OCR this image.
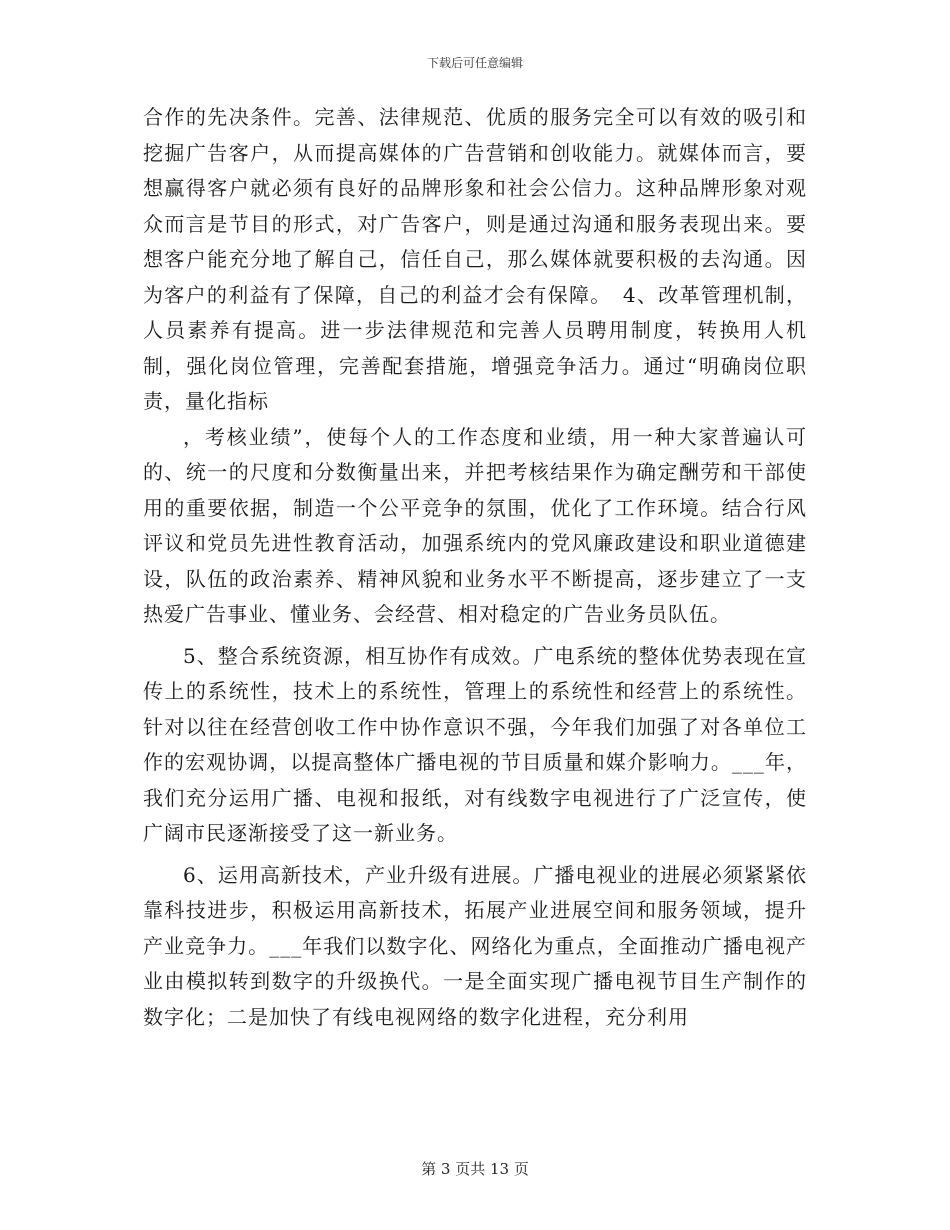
下载后可任意编辑

合作的先决条件。完善、法律规范、优质的服务完全可以有效的吸引和挖掘广告客户，从而提高媒体的广告营销和创收能力。就媒体而言，要想赢得客户就必须有良好的品牌形象和社会公信力。这种品牌形象对观众而言是节目的形式，对广告客户，则是通过沟通和服务表现出来。要想客户能充分地了解自己，信任自己，那么媒体就要积极的去沟通。因为客户的利益有了保障，自己的利益才会有保障。　4、改革管理机制，人员素养有提高。进一步法律规范和完善人员聘用制度，转换用人机制，强化岗位管理，完善配套措施，增强竞争活力。通过“明确岗位职责，量化指标

，考核业绩”，使每个人的工作态度和业绩，用一种大家普遍认可的、统一的尺度和分数衡量出来，并把考核结果作为确定酬劳和干部使用的重要依据，制造一个公平竞争的氛围，优化了工作环境。结合行风评议和党员先进性教育活动，加强系统内的党风廉政建设和职业道德建设，队伍的政治素养、精神风貌和业务水平不断提高，逐步建立了一支热爱广告事业、懂业务、会经营、相对稳定的广告业务员队伍。

5、整合系统资源，相互协作有成效。广电系统的整体优势表现在宣传上的系统性，技术上的系统性，管理上的系统性和经营上的系统性。针对以往在经营创收工作中协作意识不强，今年我们加强了对各单位工作的宏观协调，以提高整体广播电视的节目质量和媒介影响力。___年，我们充分运用广播、电视和报纸，对有线数字电视进行了广泛宣传，使广阔市民逐渐接受了这一新业务。

6、运用高新技术，产业升级有进展。广播电视业的进展必须紧紧依靠科技进步，积极运用高新技术，拓展产业进展空间和服务领域，提升产业竞争力。___年我们以数字化、网络化为重点，全面推动广播电视产业由模拟转到数字的升级换代。一是全面实现广播电视节目生产制作的数字化；二是加快了有线电视网络的数字化进程，充分利用

第 3 页共 13 页
